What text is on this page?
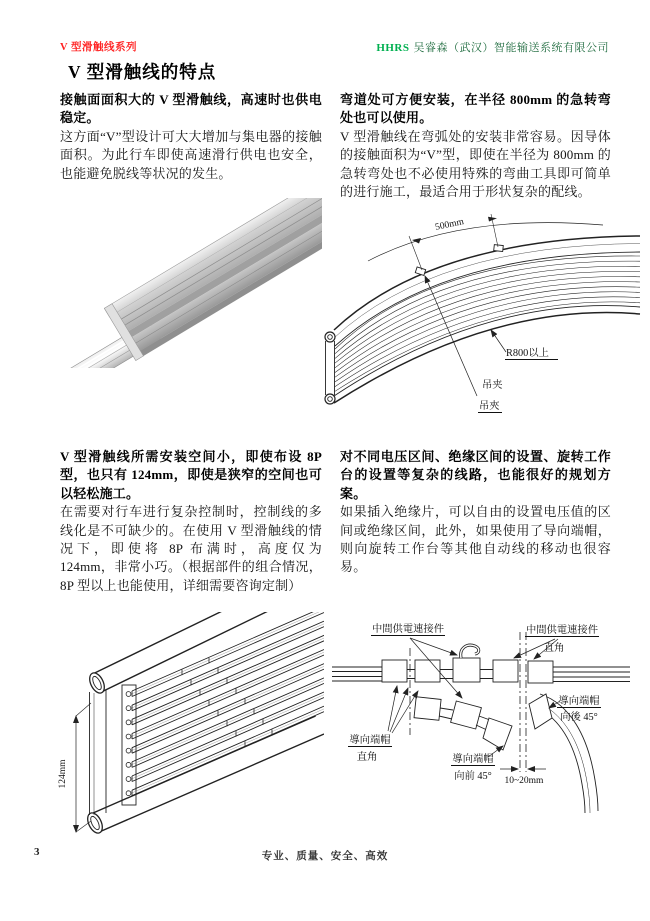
V 型滑触线系列	HHRS 吴睿森（武汉）智能输送系统有限公司
V 型滑触线的特点
接触面面积大的 V 型滑触线，高速时也供电稳定。

这方面“V”型设计可大大增加与集电器的接触面积。为此行车即使高速滑行供电也安全，也能避免脱线等状况的发生。

弯道处可方便安装，在半径 800mm 的急转弯处也可以使用。

V 型滑触线在弯弧处的安装非常容易。因导体的接触面积为“V”型，即使在半径为 800mm 的急转弯处也不必使用特殊的弯曲工具即可简单的进行施工，最适合用于形状复杂的配线。

V 型滑触线所需安装空间小，即使布设 8P 型，也只有 124mm，即使是狭窄的空间也可以轻松施工。

在需要对行车进行复杂控制时，控制线的多线化是不可缺少的。在使用 V 型滑触线的情况下，即使将 8P 布满时，高度仅为 124mm，非常小巧。（根据部件的组合情况，8P 型以上也能使用，详细需要咨询定制）

对不同电压区间、绝缘区间的设置、旋转工作台的设置等复杂的线路，也能很好的规划方案。

如果插入绝缘片，可以自由的设置电压值的区间或绝缘区间，此外，如果使用了导向端帽，则向旋转工作台等其他自动线的移动也很容易。

500mm
R800以上
吊夹
吊夾
124mm
中間供電連接件	中間供電連接件
直角
導向端帽
直角	導向端帽
向前 45°
導向端帽
向後 45°
10~20mm
3	专业、质量、安全、高效
